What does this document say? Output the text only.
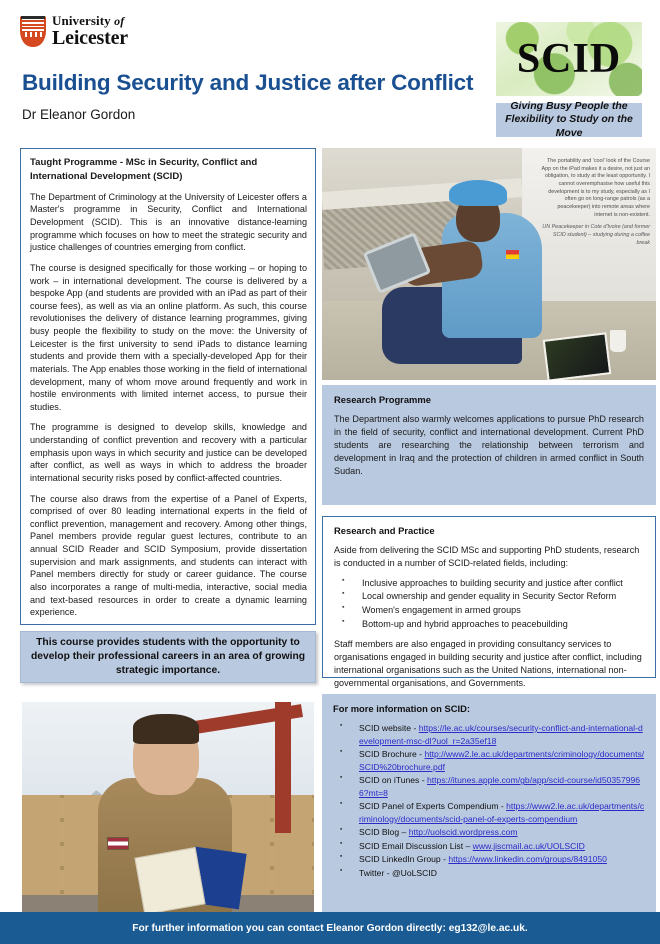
University of
Leicester
Building Security and Justice after Conflict
Dr Eleanor Gordon
SCID
Giving Busy People the Flexibility to Study on the Move
Taught Programme - MSc in Security, Conflict and International Development (SCID)

The Department of Criminology at the University of Leicester offers a Master's programme in Security, Conflict and International Development (SCID). This is an innovative distance-learning programme which focuses on how to meet the strategic security and justice challenges of countries emerging from conflict.

The course is designed specifically for those working – or hoping to work – in international development. The course is delivered by a bespoke App (and students are provided with an iPad as part of their course fees), as well as via an online platform. As such, this course revolutionises the delivery of distance learning programmes, giving busy people the flexibility to study on the move: the University of Leicester is the first university to send iPads to distance learning students and provide them with a specially-developed App for their materials. The App enables those working in the field of international development, many of whom move around frequently and work in hostile environments with limited internet access, to pursue their studies.

The programme is designed to develop skills, knowledge and understanding of conflict prevention and recovery with a particular emphasis upon ways in which security and justice can be developed after conflict, as well as ways in which to address the broader international security risks posed by conflict-affected countries.

The course also draws from the expertise of a Panel of Experts, comprised of over 80 leading international experts in the field of conflict prevention, management and recovery. Among other things, Panel members provide regular guest lectures, contribute to an annual SCID Reader and SCID Symposium, provide dissertation supervision and mark assignments, and students can interact with Panel members directly for study or career guidance. The course also incorporates a range of multi-media, interactive, social media and text-based resources in order to create a dynamic learning experience.

This course provides students with the opportunity to develop their professional careers in an area of growing strategic importance.
The portability and 'cool' look of the Course App on the iPad makes it a desire, not just an obligation, to study at the least opportunity. I cannot overemphasise how useful this development is to my study, especially as I often go on long-range patrols (as a peacekeeper) into remote areas where internet is non-existent.
UN Peacekeeper in Cote d'Ivoire (and former SCID student) – studying during a coffee break
Research Programme

The Department also warmly welcomes applications to pursue PhD research in the field of security, conflict and international development. Current PhD students are researching the relationship between terrorism and development in Iraq and the protection of children in armed conflict in South Sudan.

Research and Practice

Aside from delivering the SCID MSc and supporting PhD students, research is conducted in a number of SCID-related fields, including:

▪ Inclusive approaches to building security and justice after conflict
▪ Local ownership and gender equality in Security Sector Reform
▪ Women's engagement in armed groups
▪ Bottom-up and hybrid approaches to peacebuilding

Staff members are also engaged in providing consultancy services to organisations engaged in building security and justice after conflict, including international organisations such as the United Nations, international non-governmental organisations, and Governments.

For more information on SCID:
▪ SCID website - https://le.ac.uk/courses/security-conflict-and-international-development-msc-dl?uol_r=2a35ef18
▪ SCID Brochure - http://www2.le.ac.uk/departments/criminology/documents/SCID%20brochure.pdf
▪ SCID on iTunes - https://itunes.apple.com/gb/app/scid-course/id503579966?mt=8
▪ SCID Panel of Experts Compendium - https://www2.le.ac.uk/departments/criminology/documents/scid-panel-of-experts-compendium
▪ SCID Blog – http://uolscid.wordpress.com
▪ SCID Email Discussion List – www.jiscmail.ac.uk/UOLSCID
▪ SCID LinkedIn Group - https://www.linkedin.com/groups/8491050
▪ Twitter - @UoLSCID
For further information you can contact Eleanor Gordon directly: eg132@le.ac.uk.
